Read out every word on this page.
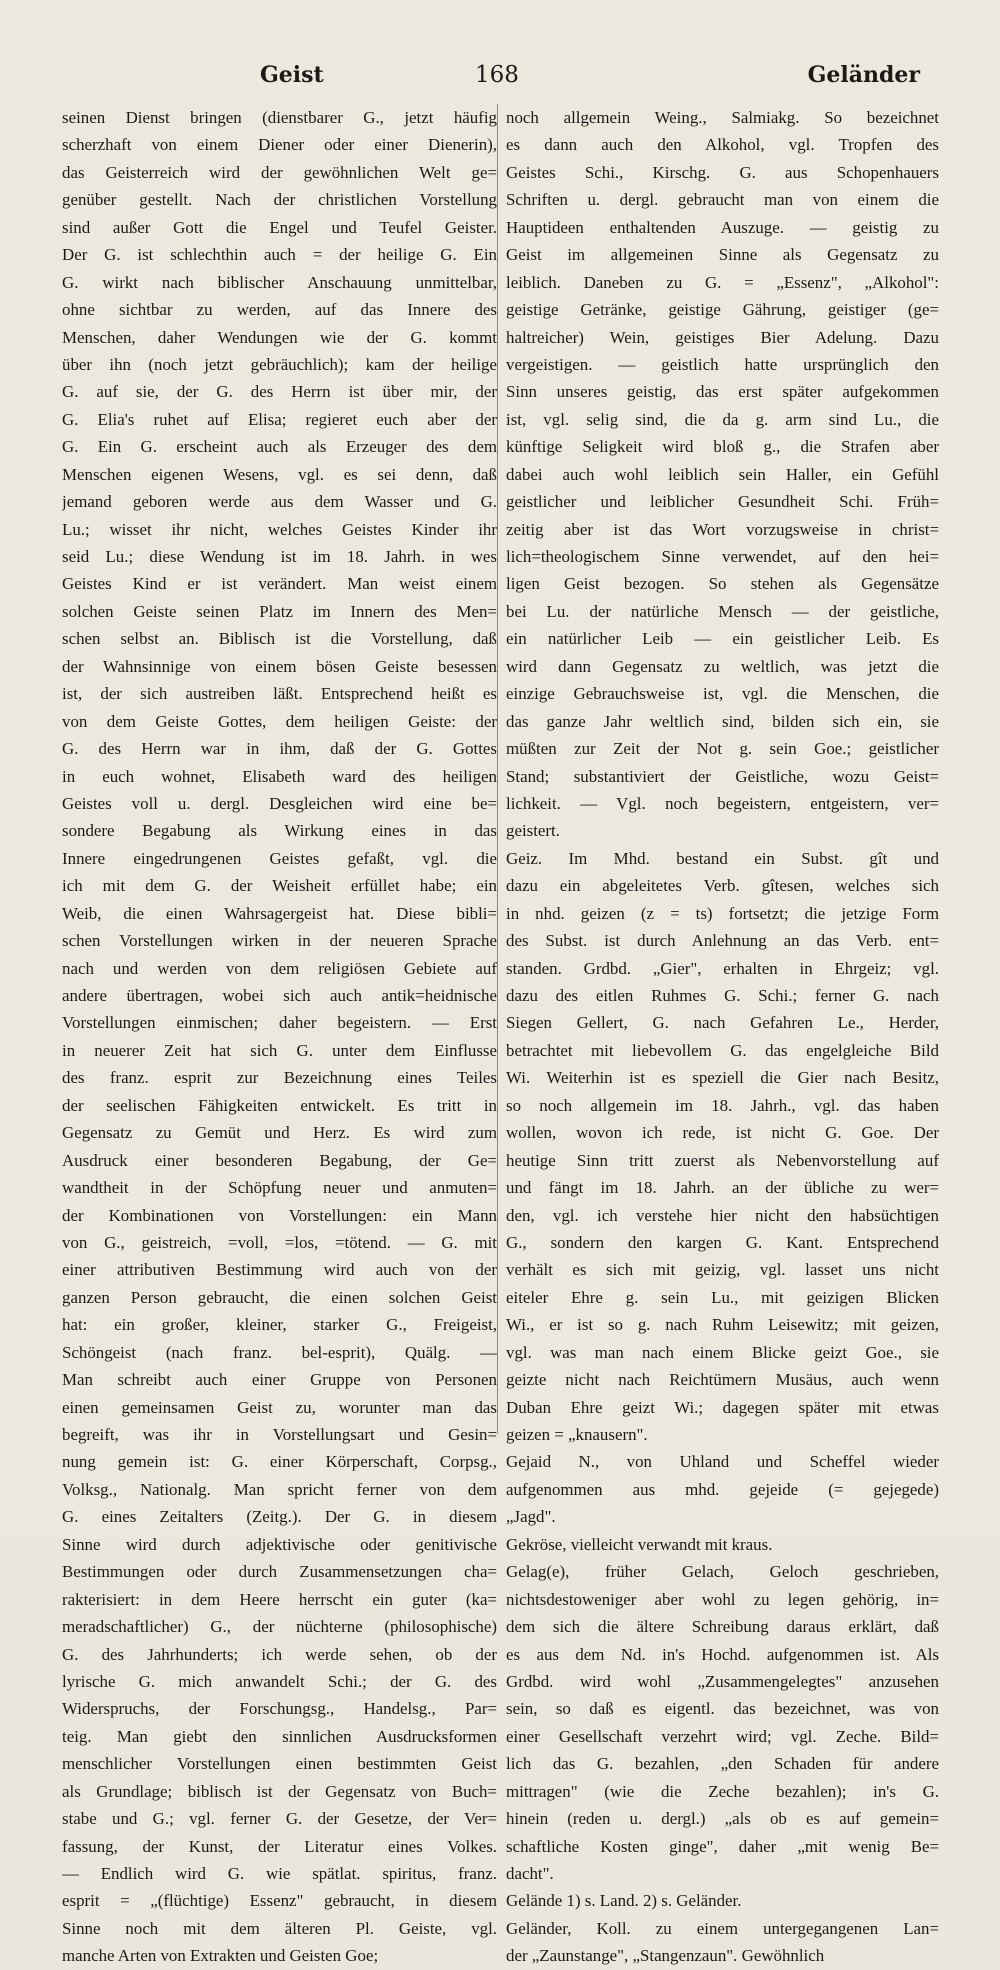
Geist	168	Geländer
seinen Dienst bringen (dienstbarer G., jetzt häufig
scherzhaft von einem Diener oder einer Dienerin),
das Geisterreich wird der gewöhnlichen Welt ge=
genüber gestellt. Nach der christlichen Vorstellung
sind außer Gott die Engel und Teufel Geister.
Der G. ist schlechthin auch = der heilige G. Ein
G. wirkt nach biblischer Anschauung unmittelbar,
ohne sichtbar zu werden, auf das Innere des
Menschen, daher Wendungen wie der G. kommt
über ihn (noch jetzt gebräuchlich); kam der heilige
G. auf sie, der G. des Herrn ist über mir, der
G. Elia's ruhet auf Elisa; regieret euch aber der
G. Ein G. erscheint auch als Erzeuger des dem
Menschen eigenen Wesens, vgl. es sei denn, daß
jemand geboren werde aus dem Wasser und G.
Lu.; wisset ihr nicht, welches Geistes Kinder ihr
seid Lu.; diese Wendung ist im 18. Jahrh. in wes
Geistes Kind er ist verändert. Man weist einem
solchen Geiste seinen Platz im Innern des Men=
schen selbst an. Biblisch ist die Vorstellung, daß
der Wahnsinnige von einem bösen Geiste besessen
ist, der sich austreiben läßt. Entsprechend heißt es
von dem Geiste Gottes, dem heiligen Geiste: der
G. des Herrn war in ihm, daß der G. Gottes
in euch wohnet, Elisabeth ward des heiligen
Geistes voll u. dergl. Desgleichen wird eine be=
sondere Begabung als Wirkung eines in das
Innere eingedrungenen Geistes gefaßt, vgl. die
ich mit dem G. der Weisheit erfüllet habe; ein
Weib, die einen Wahrsagergeist hat. Diese bibli=
schen Vorstellungen wirken in der neueren Sprache
nach und werden von dem religiösen Gebiete auf
andere übertragen, wobei sich auch antik=heidnische
Vorstellungen einmischen; daher begeistern. — Erst
in neuerer Zeit hat sich G. unter dem Einflusse
des franz. esprit zur Bezeichnung eines Teiles
der seelischen Fähigkeiten entwickelt. Es tritt in
Gegensatz zu Gemüt und Herz. Es wird zum
Ausdruck einer besonderen Begabung, der Ge=
wandtheit in der Schöpfung neuer und anmuten=
der Kombinationen von Vorstellungen: ein Mann
von G., geistreich, =voll, =los, =tötend. — G. mit
einer attributiven Bestimmung wird auch von der
ganzen Person gebraucht, die einen solchen Geist
hat: ein großer, kleiner, starker G., Freigeist,
Schöngeist (nach franz. bel-esprit), Quälg. —
Man schreibt auch einer Gruppe von Personen
einen gemeinsamen Geist zu, worunter man das
begreift, was ihr in Vorstellungsart und Gesin=
nung gemein ist: G. einer Körperschaft, Corpsg.,
Volksg., Nationalg. Man spricht ferner von dem
G. eines Zeitalters (Zeitg.). Der G. in diesem
Sinne wird durch adjektivische oder genitivische
Bestimmungen oder durch Zusammensetzungen cha=
rakterisiert: in dem Heere herrscht ein guter (ka=
meradschaftlicher) G., der nüchterne (philosophische)
G. des Jahrhunderts; ich werde sehen, ob der
lyrische G. mich anwandelt Schi.; der G. des
Widerspruchs, der Forschungsg., Handelsg., Par=
teig. Man giebt den sinnlichen Ausdrucksformen
menschlicher Vorstellungen einen bestimmten Geist
als Grundlage; biblisch ist der Gegensatz von Buch=
stabe und G.; vgl. ferner G. der Gesetze, der Ver=
fassung, der Kunst, der Literatur eines Volkes.
— Endlich wird G. wie spätlat. spiritus, franz.
esprit = „(flüchtige) Essenz" gebraucht, in diesem
Sinne noch mit dem älteren Pl. Geiste, vgl.
manche Arten von Extrakten und Geisten Goe;
noch allgemein Weing., Salmiakg. So bezeichnet
es dann auch den Alkohol, vgl. Tropfen des
Geistes Schi., Kirschg. G. aus Schopenhauers
Schriften u. dergl. gebraucht man von einem die
Hauptideen enthaltenden Auszuge. — geistig zu
Geist im allgemeinen Sinne als Gegensatz zu
leiblich. Daneben zu G. = „Essenz", „Alkohol":
geistige Getränke, geistige Gährung, geistiger (ge=
haltreicher) Wein, geistiges Bier Adelung. Dazu
vergeistigen. — geistlich hatte ursprünglich den
Sinn unseres geistig, das erst später aufgekommen
ist, vgl. selig sind, die da g. arm sind Lu., die
künftige Seligkeit wird bloß g., die Strafen aber
dabei auch wohl leiblich sein Haller, ein Gefühl
geistlicher und leiblicher Gesundheit Schi. Früh=
zeitig aber ist das Wort vorzugsweise in christ=
lich=theologischem Sinne verwendet, auf den hei=
ligen Geist bezogen. So stehen als Gegensätze
bei Lu. der natürliche Mensch — der geistliche,
ein natürlicher Leib — ein geistlicher Leib. Es
wird dann Gegensatz zu weltlich, was jetzt die
einzige Gebrauchsweise ist, vgl. die Menschen, die
das ganze Jahr weltlich sind, bilden sich ein, sie
müßten zur Zeit der Not g. sein Goe.; geistlicher
Stand; substantiviert der Geistliche, wozu Geist=
lichkeit. — Vgl. noch begeistern, entgeistern, ver=
geistert.
Geiz. Im Mhd. bestand ein Subst. gît und
dazu ein abgeleitetes Verb. gîtesen, welches sich
in nhd. geizen (z = ts) fortsetzt; die jetzige Form
des Subst. ist durch Anlehnung an das Verb. ent=
standen. Grdbd. „Gier", erhalten in Ehrgeiz; vgl.
dazu des eitlen Ruhmes G. Schi.; ferner G. nach
Siegen Gellert, G. nach Gefahren Le., Herder,
betrachtet mit liebevollem G. das engelgleiche Bild
Wi. Weiterhin ist es speziell die Gier nach Besitz,
so noch allgemein im 18. Jahrh., vgl. das haben
wollen, wovon ich rede, ist nicht G. Goe. Der
heutige Sinn tritt zuerst als Nebenvorstellung auf
und fängt im 18. Jahrh. an der übliche zu wer=
den, vgl. ich verstehe hier nicht den habsüchtigen
G., sondern den kargen G. Kant. Entsprechend
verhält es sich mit geizig, vgl. lasset uns nicht
eiteler Ehre g. sein Lu., mit geizigen Blicken
Wi., er ist so g. nach Ruhm Leisewitz; mit geizen,
vgl. was man nach einem Blicke geizt Goe., sie
geizte nicht nach Reichtümern Musäus, auch wenn
Duban Ehre geizt Wi.; dagegen später mit etwas
geizen = „knausern".
Gejaid N., von Uhland und Scheffel wieder
aufgenommen aus mhd. gejeide (= gejegede)
„Jagd".
Gekröse, vielleicht verwandt mit kraus.
Gelag(e), früher Gelach, Geloch geschrieben,
nichtsdestoweniger aber wohl zu legen gehörig, in=
dem sich die ältere Schreibung daraus erklärt, daß
es aus dem Nd. in's Hochd. aufgenommen ist. Als
Grdbd. wird wohl „Zusammengelegtes" anzusehen
sein, so daß es eigentl. das bezeichnet, was von
einer Gesellschaft verzehrt wird; vgl. Zeche. Bild=
lich das G. bezahlen, „den Schaden für andere
mittragen" (wie die Zeche bezahlen); in's G.
hinein (reden u. dergl.) „als ob es auf gemein=
schaftliche Kosten ginge", daher „mit wenig Be=
dacht".
Gelände 1) s. Land. 2) s. Geländer.
Geländer, Koll. zu einem untergegangenen Lan=
der „Zaunstange", „Stangenzaun". Gewöhnlich
